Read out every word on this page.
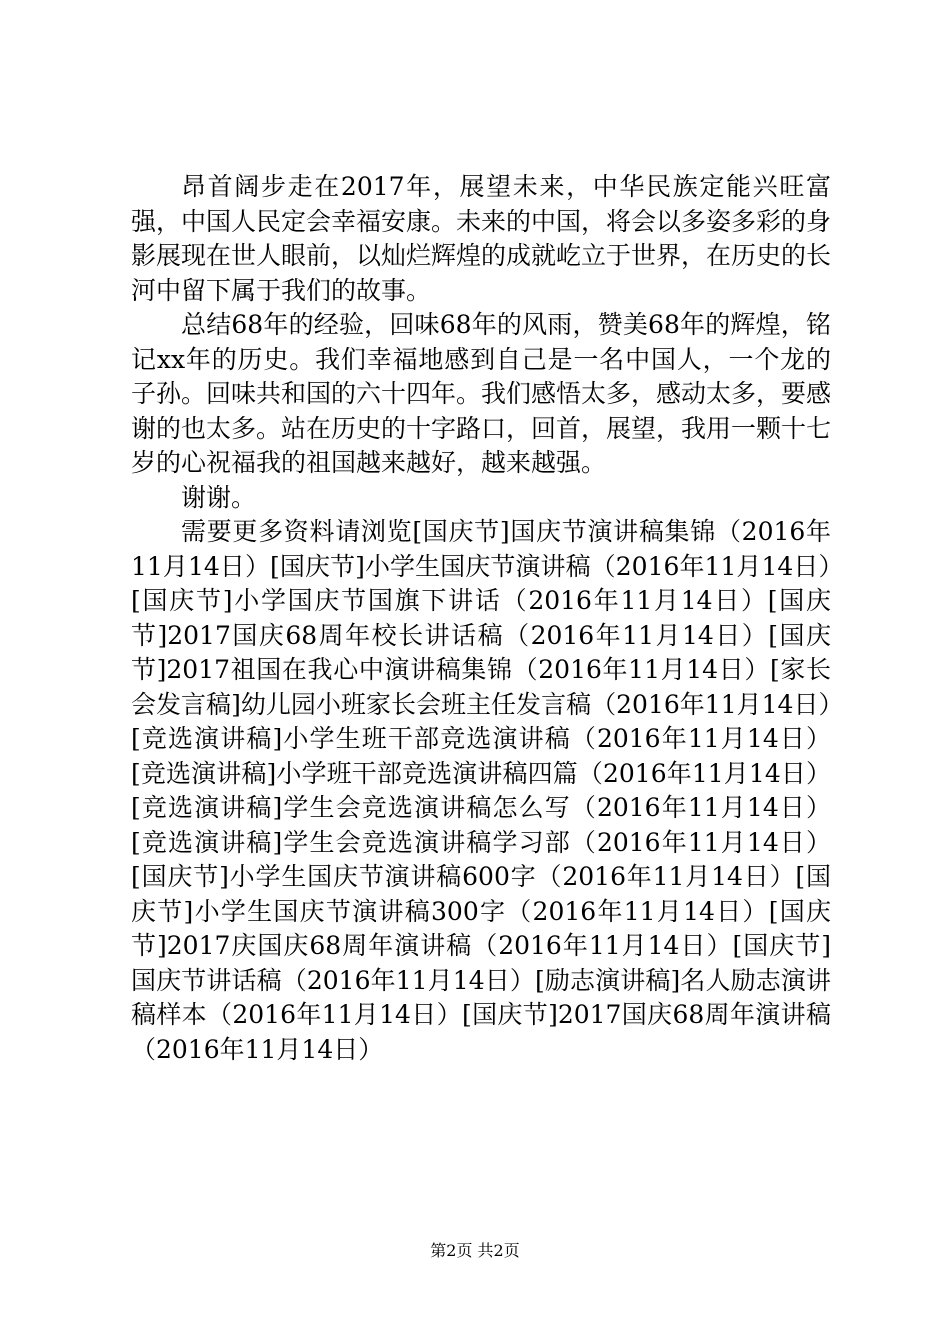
昂首阔步走在2017年，展望未来，中华民族定能兴旺富强，中国人民定会幸福安康。未来的中国，将会以多姿多彩的身影展现在世人眼前，以灿烂辉煌的成就屹立于世界，在历史的长河中留下属于我们的故事。

总结68年的经验，回味68年的风雨，赞美68年的辉煌，铭记xx年的历史。我们幸福地感到自己是一名中国人，一个龙的子孙。回味共和国的六十四年。我们感悟太多，感动太多，要感谢的也太多。站在历史的十字路口，回首，展望，我用一颗十七岁的心祝福我的祖国越来越好，越来越强。

谢谢。

需要更多资料请浏览[国庆节]国庆节演讲稿集锦（2016年11月14日）[国庆节]小学生国庆节演讲稿（2016年11月14日）[国庆节]小学国庆节国旗下讲话（2016年11月14日）[国庆节]2017国庆68周年校长讲话稿（2016年11月14日）[国庆节]2017祖国在我心中演讲稿集锦（2016年11月14日）[家长会发言稿]幼儿园小班家长会班主任发言稿（2016年11月14日）[竞选演讲稿]小学生班干部竞选演讲稿（2016年11月14日）[竞选演讲稿]小学班干部竞选演讲稿四篇（2016年11月14日）[竞选演讲稿]学生会竞选演讲稿怎么写（2016年11月14日）[竞选演讲稿]学生会竞选演讲稿学习部（2016年11月14日）[国庆节]小学生国庆节演讲稿600字（2016年11月14日）[国庆节]小学生国庆节演讲稿300字（2016年11月14日）[国庆节]2017庆国庆68周年演讲稿（2016年11月14日）[国庆节]国庆节讲话稿（2016年11月14日）[励志演讲稿]名人励志演讲稿样本（2016年11月14日）[国庆节]2017国庆68周年演讲稿（2016年11月14日）

第2页 共2页
